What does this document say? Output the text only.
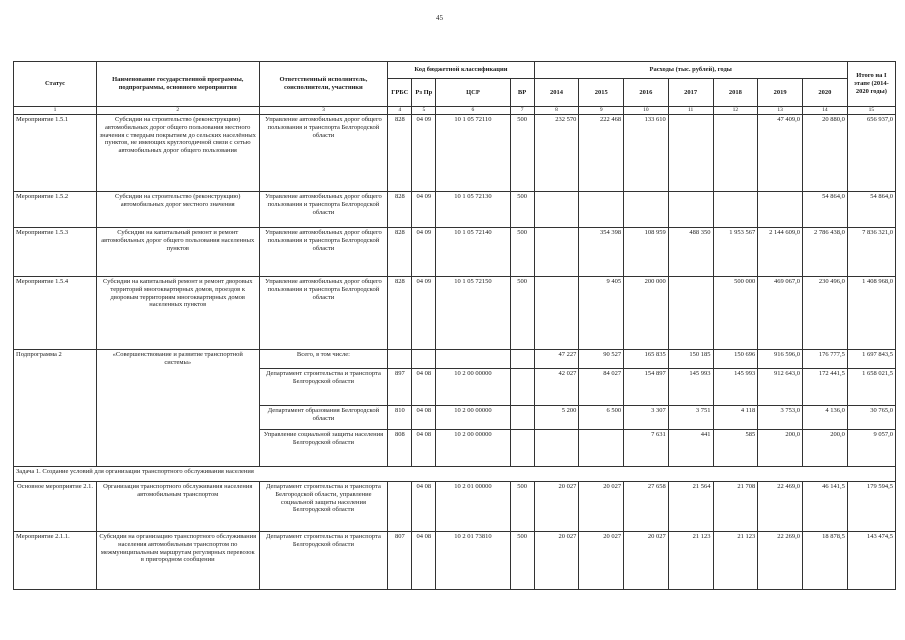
45
Статус	Наименование государственной программы, подпрограммы, основного мероприятия	Ответственный исполнитель, соисполнители, участники	Код бюджетной классификации				Расходы (тыс. рублей), годы							Итого на I этапе (2014-2020 годы)
			ГРБС	Рз Пр	ЦСР	ВР	2014	2015	2016	2017	2018	2019	2020	
1	2	3	4	5	6	7	8	9	10	11	12	13	14	15
Мероприятие 1.5.1	Субсидии на строительство (реконструкцию) автомобильных дорог общего пользования местного значения с твердым покрытием до сельских населённых пунктов, не имеющих круглогодичной связи с сетью автомобильных дорог общего пользования	Управление автомобильных дорог общего пользования и транспорта Белгородской области	828	04 09	10 1 05 72110	500	232 570	222 468	133 610			47 409,0	20 880,0	656 937,0
Мероприятие 1.5.2	Субсидии на строительство (реконструкцию) автомобильных дорог местного значения	Управление автомобильных дорог общего пользования и транспорта Белгородской области	828	04 09	10 1 05 72130	500							54 864,0	54 864,0
Мероприятие 1.5.3	Субсидии на капитальный ремонт и ремонт автомобильных дорог общего пользования населенных пунктов	Управление автомобильных дорог общего пользования и транспорта Белгородской области	828	04 09	10 1 05 72140	500		354 398	108 959	488 350	1 953 567	2 144 609,0	2 786 438,0	7 836 321,0
Мероприятие 1.5.4	Субсидии на капитальный ремонт и ремонт дворовых территорий многоквартирных домов, проездов к дворовым территориям многоквартирных домов населенных пунктов	Управление автомобильных дорог общего пользования и транспорта Белгородской области	828	04 09	10 1 05 72150	500		9 405	200 000		500 000	469 067,0	230 496,0	1 408 968,0
Подпрограмма 2	«Совершенствование и развитие транспортной системы»	Всего, в том числе:					47 227	90 527	165 835	150 185	150 696	916 596,0	176 777,5	1 697 843,5
		Департамент строительства и транспорта Белгородской области	897	04 08	10 2 00 00000		42 027	84 027	154 897	145 993	145 993	912 643,0	172 441,5	1 658 021,5
		Департамент образования Белгородской области	810	04 08	10 2 00 00000		5 200	6 500	3 307	3 751	4 118	3 753,0	4 136,0	30 765,0
		Управление социальной защиты населения Белгородской области	808	04 08	10 2 00 00000				7 631	441	585	200,0	200,0	9 057,0
Задача 1. Создание условий для организации транспортного обслуживания населения														
Основное мероприятие 2.1.	Организация транспортного обслуживания населения автомобильным транспортом	Департамент строительства и транспорта Белгородской области, управление социальной защиты населения Белгородской области		04 08	10 2 01 00000	500	20 027	20 027	27 658	21 564	21 708	22 469,0	46 141,5	179 594,5
Мероприятие 2.1.1.	Субсидии на организацию транспортного обслуживания населения автомобильным транспортом по межмуниципальным маршрутам регулярных перевозок в пригородном сообщении	Департамент строительства и транспорта Белгородской области	807	04 08	10 2 01 73810	500	20 027	20 027	20 027	21 123	21 123	22 269,0	18 878,5	143 474,5
